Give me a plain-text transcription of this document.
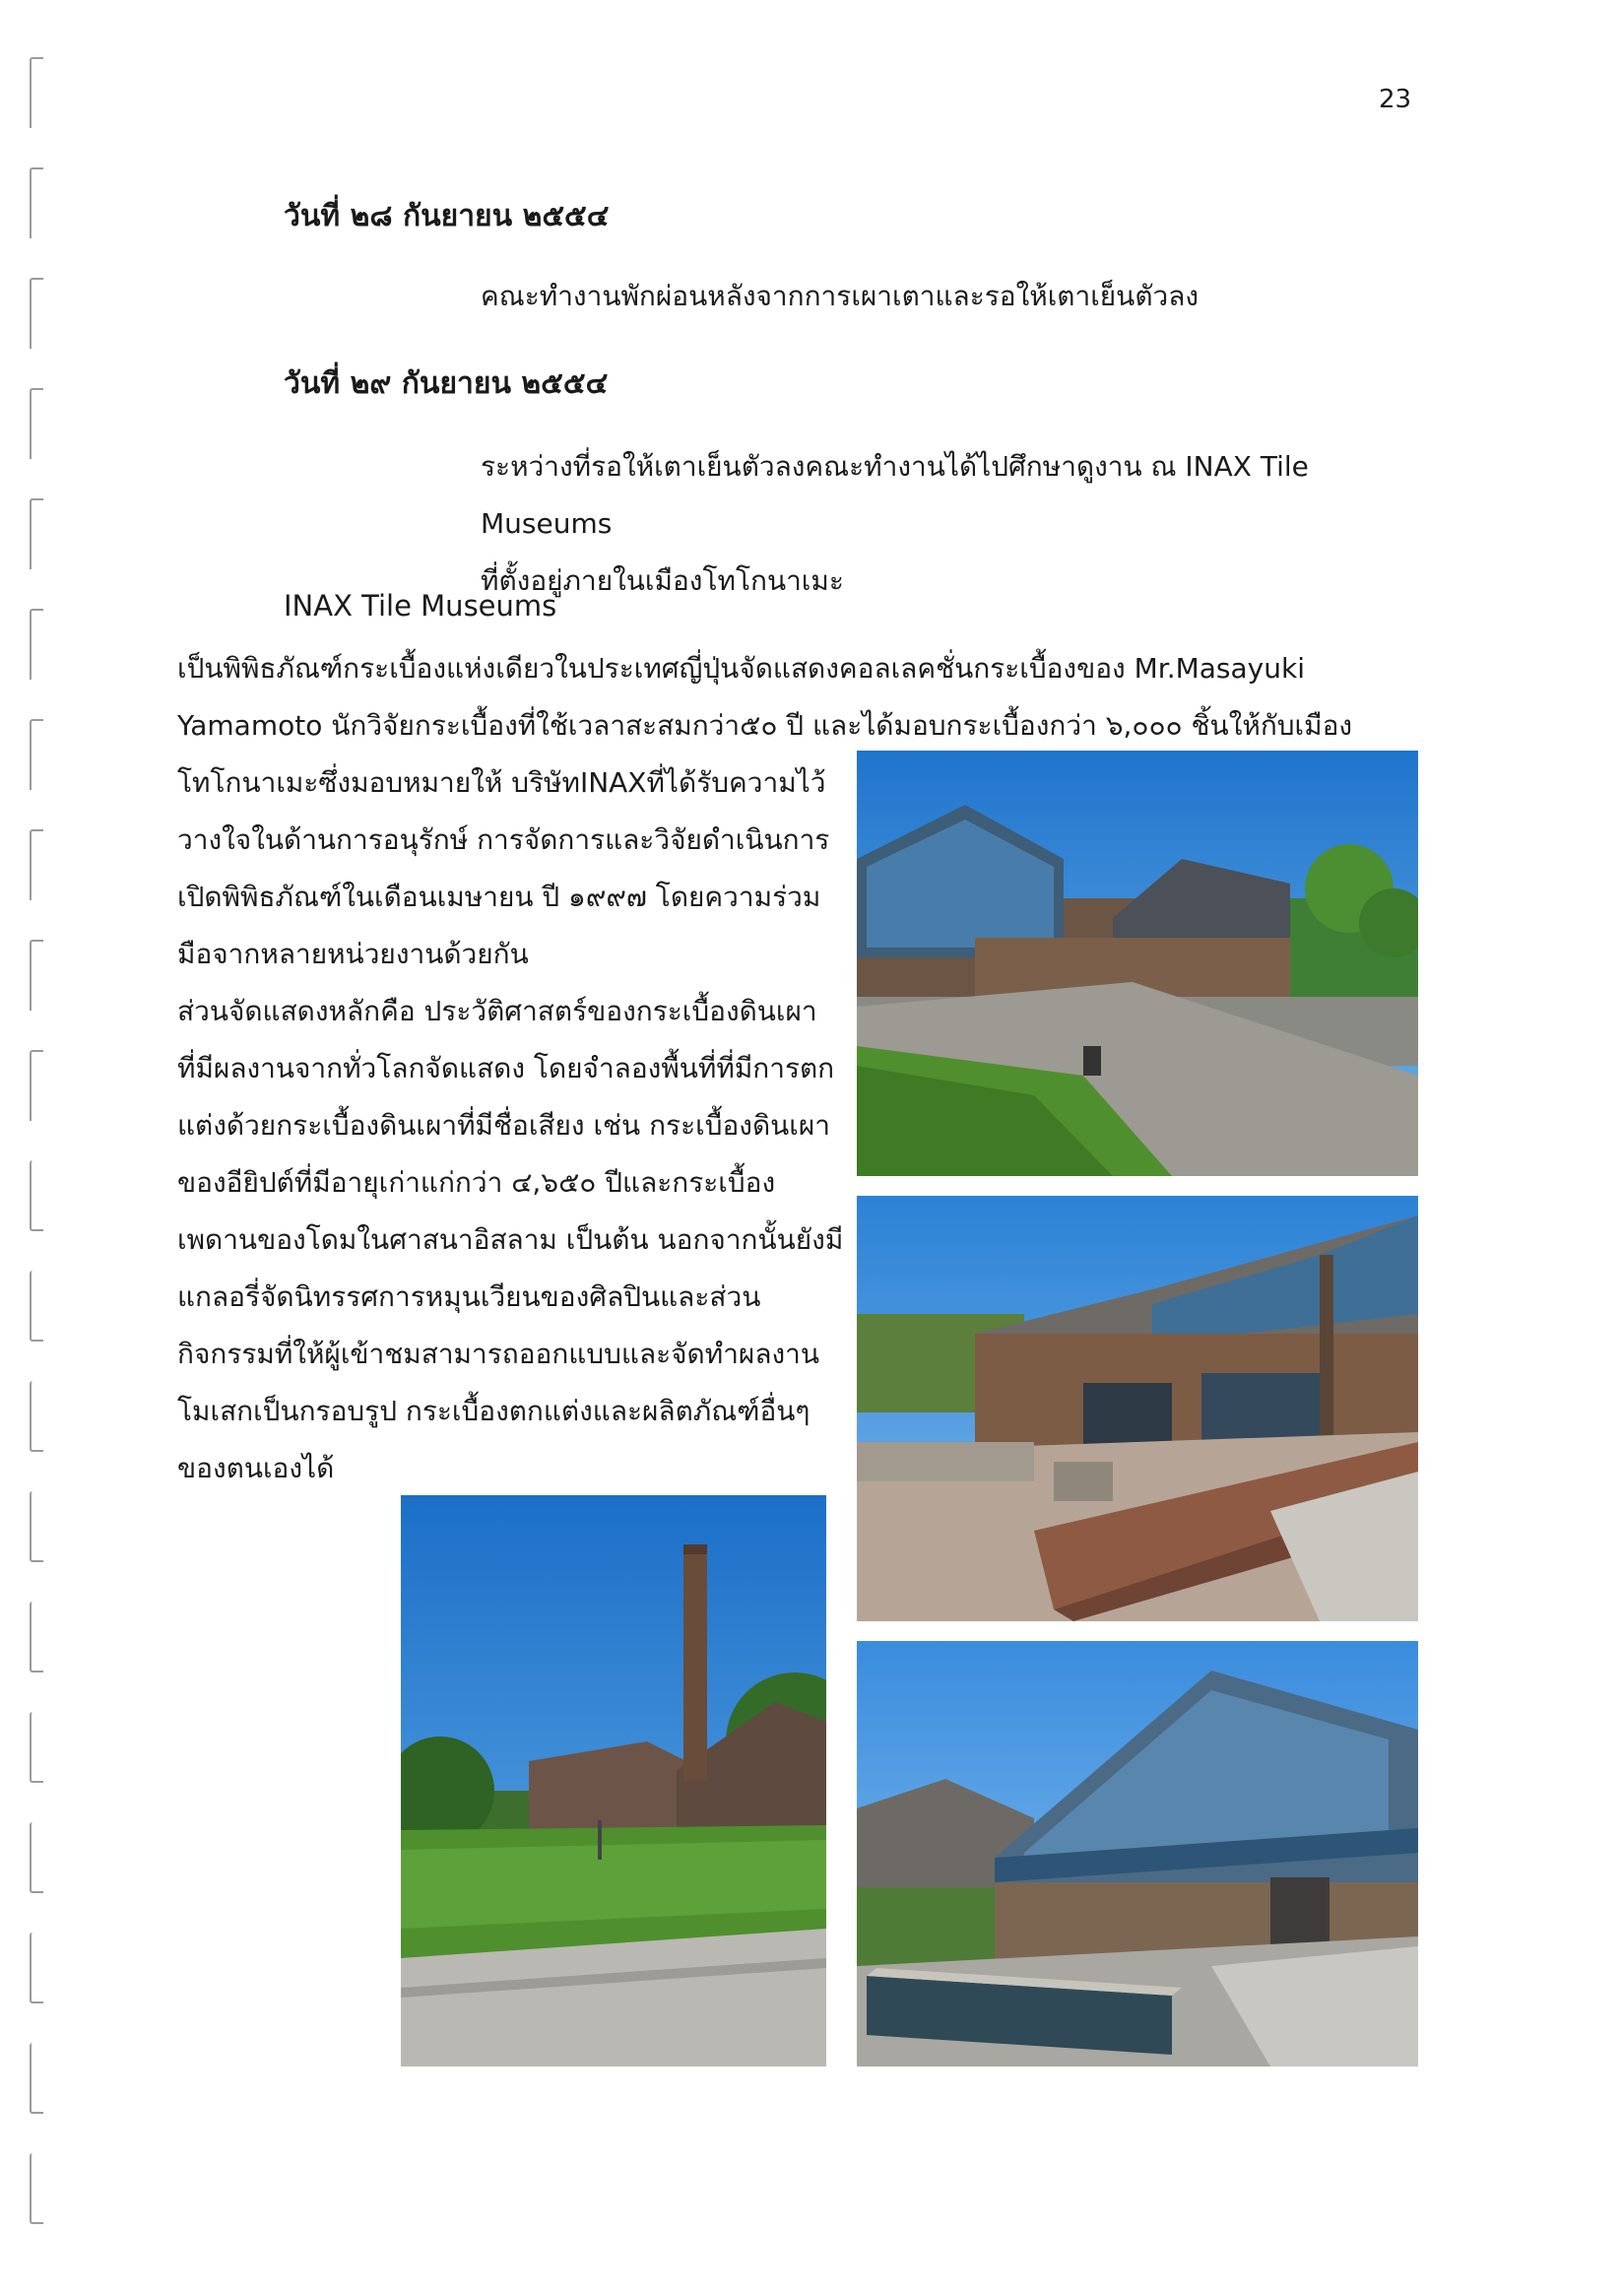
23
วันที่ ๒๘ กันยายน ๒๕๕๔
คณะทำงานพักผ่อนหลังจากการเผาเตาและรอให้เตาเย็นตัวลง
วันที่ ๒๙ กันยายน ๒๕๕๔
ระหว่างที่รอให้เตาเย็นตัวลงคณะทำงานได้ไปศึกษาดูงาน ณ INAX Tile Museums
ที่ตั้งอยู่ภายในเมืองโทโกนาเมะ
INAX Tile Museums
เป็นพิพิธภัณฑ์กระเบื้องแห่งเดียวในประเทศญี่ปุ่นจัดแสดงคอลเลคชั่นกระเบื้องของ Mr.Masayuki
Yamamoto นักวิจัยกระเบื้องที่ใช้เวลาสะสมกว่า๕๐ ปี และได้มอบกระเบื้องกว่า ๖,๐๐๐ ชิ้นให้กับเมือง
โทโกนาเมะซึ่งมอบหมายให้ บริษัทINAXที่ได้รับความไว้
วางใจในด้านการอนุรักษ์ การจัดการและวิจัยดำเนินการ
เปิดพิพิธภัณฑ์ในเดือนเมษายน ปี ๑๙๙๗ โดยความร่วม
มือจากหลายหน่วยงานด้วยกัน
ส่วนจัดแสดงหลักคือ ประวัติศาสตร์ของกระเบื้องดินเผา
ที่มีผลงานจากทั่วโลกจัดแสดง โดยจำลองพื้นที่ที่มีการตก
แต่งด้วยกระเบื้องดินเผาที่มีชื่อเสียง เช่น กระเบื้องดินเผา
ของอียิปต์ที่มีอายุเก่าแก่กว่า ๔,๖๕๐ ปีและกระเบื้อง
เพดานของโดมในศาสนาอิสลาม เป็นต้น นอกจากนั้นยังมี
แกลอรี่จัดนิทรรศการหมุนเวียนของศิลปินและส่วน
กิจกรรมที่ให้ผู้เข้าชมสามารถออกแบบและจัดทำผลงาน
โมเสกเป็นกรอบรูป กระเบื้องตกแต่งและผลิตภัณฑ์อื่นๆ
ของตนเองได้
